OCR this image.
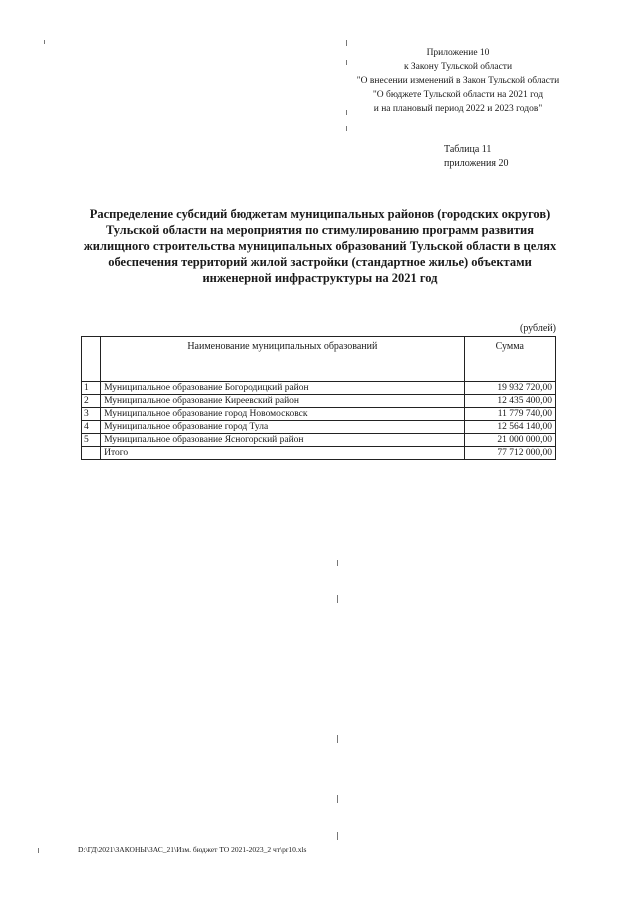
Приложение 10
к Закону Тульской области
"О внесении изменений в Закон Тульской области
"О бюджете Тульской области на 2021 год
и на плановый период 2022 и 2023 годов"
Таблица 11
приложения 20
Распределение субсидий бюджетам муниципальных районов (городских округов)
Тульской области на мероприятия по стимулированию программ развития
жилищного строительства муниципальных образований Тульской области в целях
обеспечения территорий жилой застройки (стандартное жилье) объектами
инженерной инфраструктуры на 2021 год
(рублей)
	Наименование муниципальных образований	Сумма
1	Муниципальное образование Богородицкий район	19 932 720,00
2	Муниципальное образование Киреевский район	12 435 400,00
3	Муниципальное образование город Новомосковск	11 779 740,00
4	Муниципальное образование город Тула	12 564 140,00
5	Муниципальное образование Ясногорский район	21 000 000,00
	Итого	77 712 000,00
D:\ГД\2021\ЗАКОНЫ\ЗАС_21\Изм. бюджет ТО 2021-2023_2 чт\pr10.xls
